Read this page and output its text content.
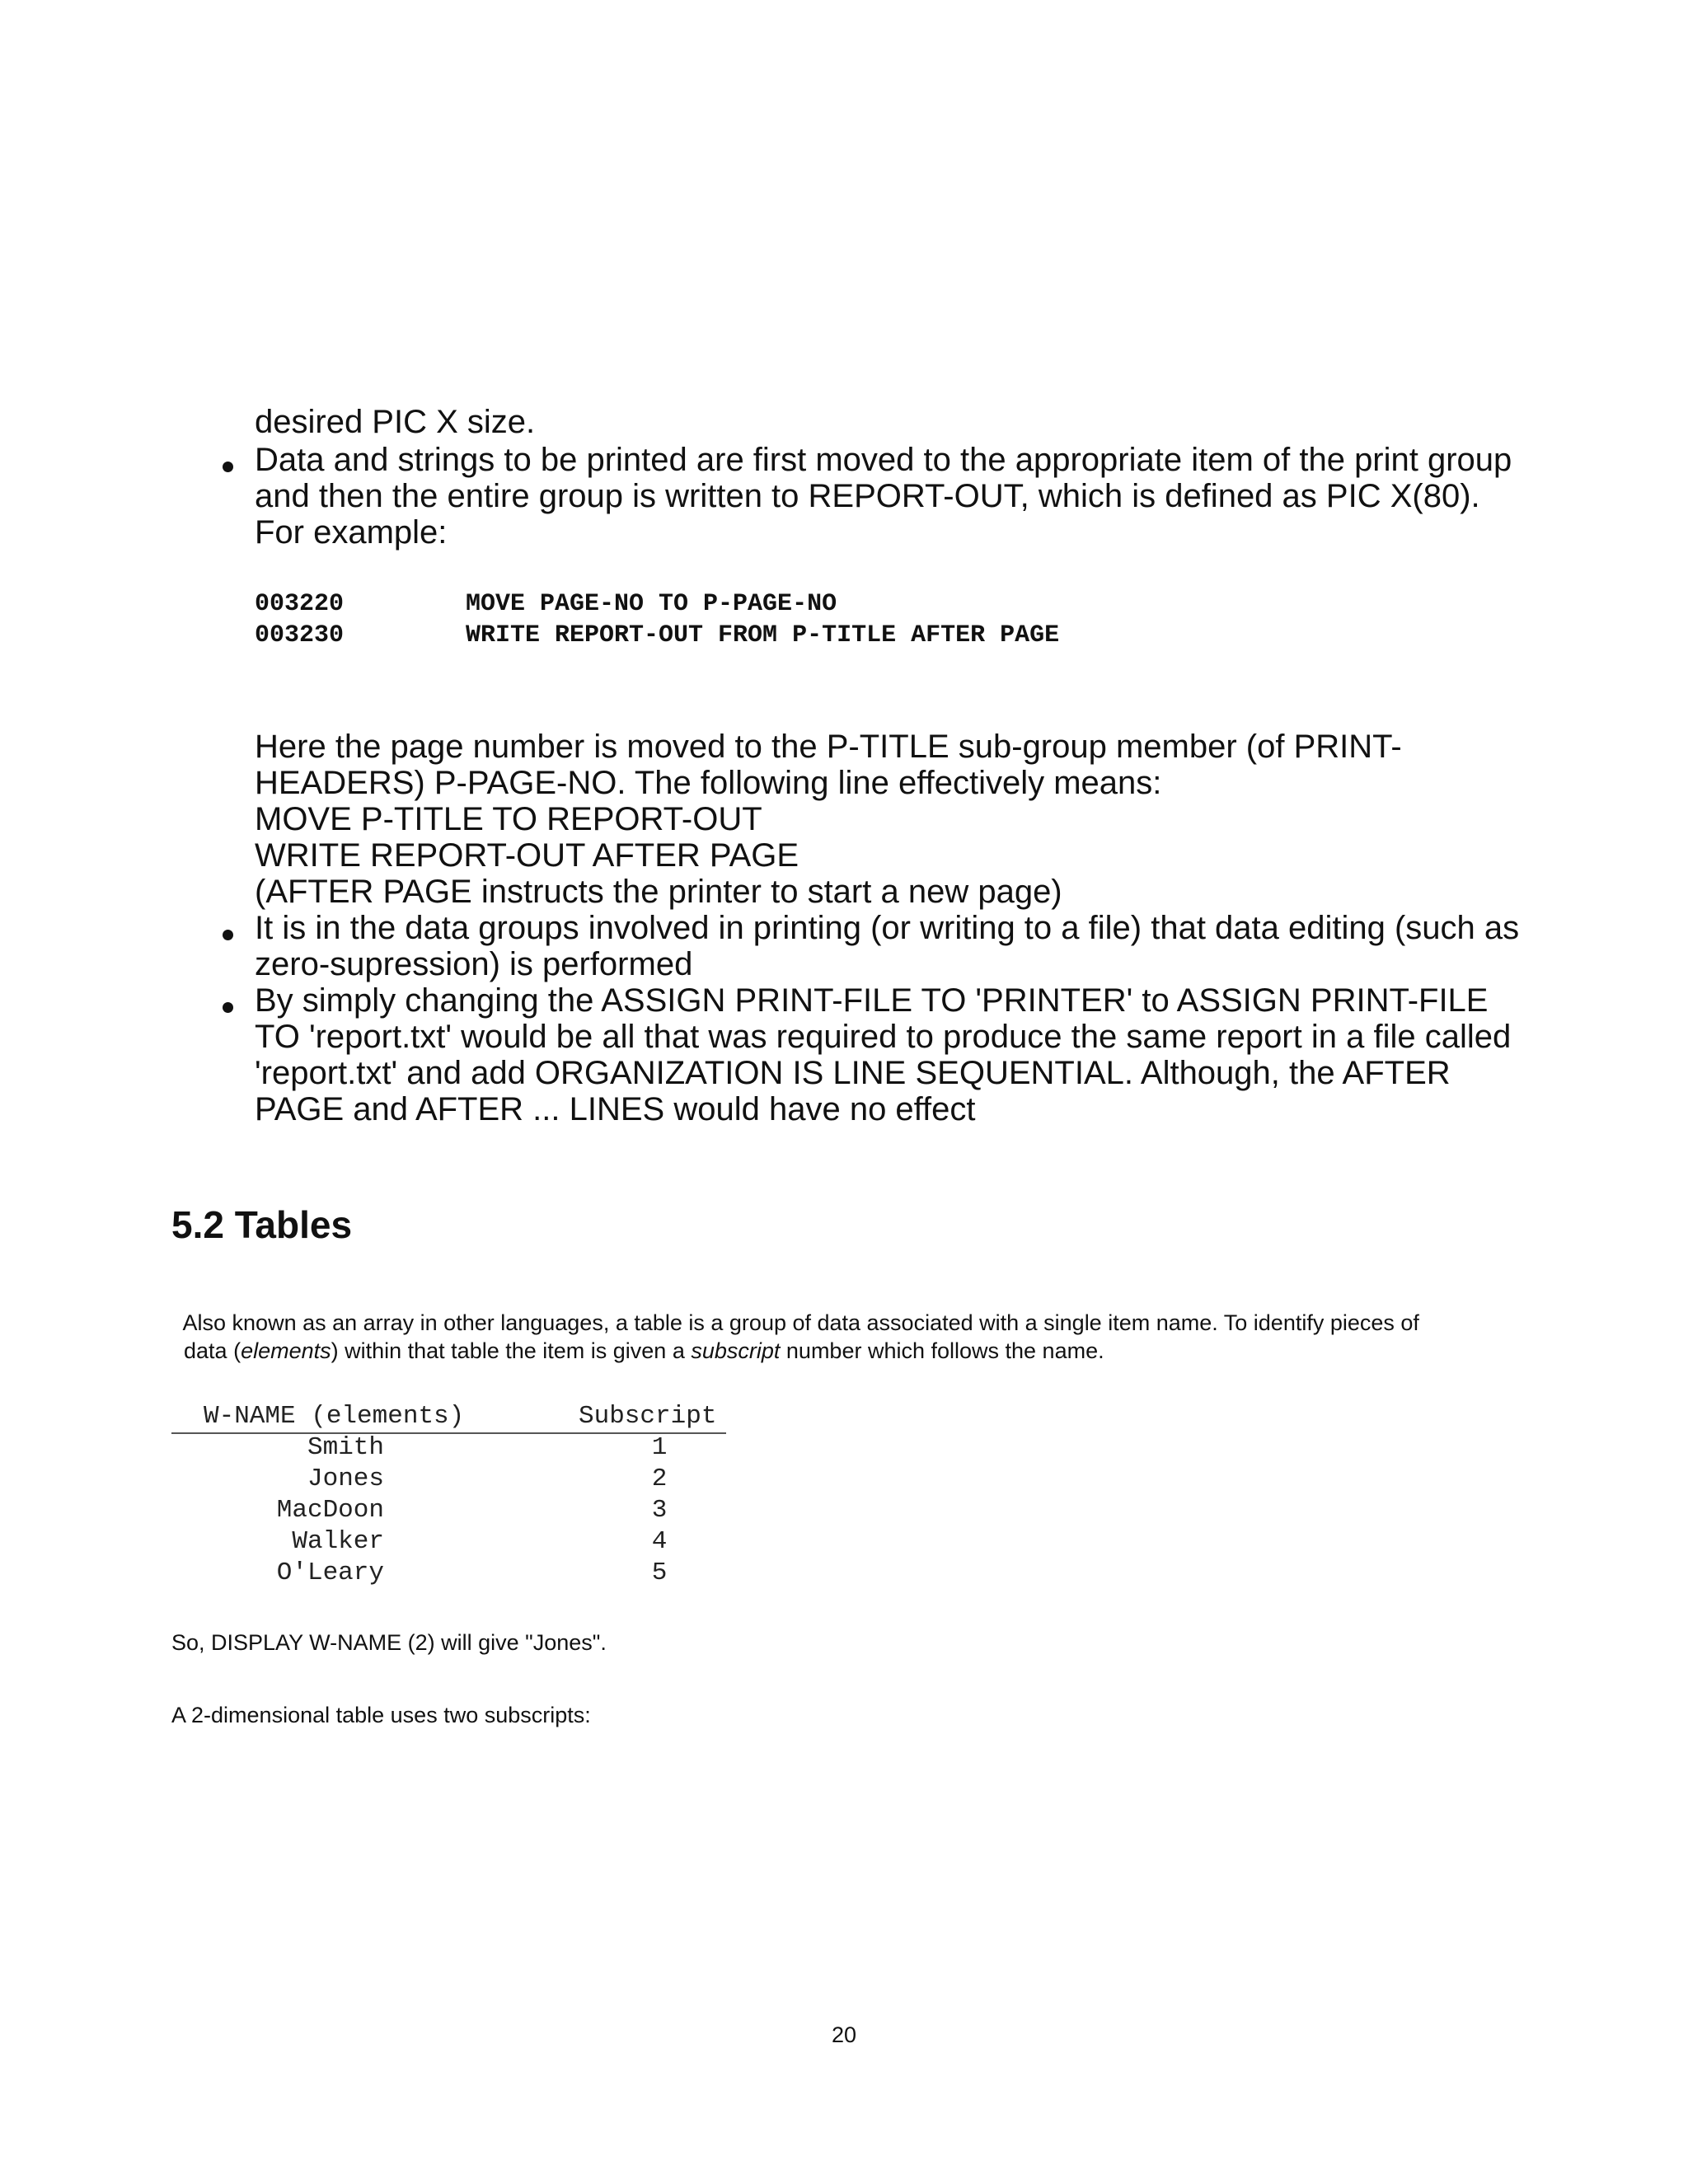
desired PIC X size.
Data and strings to be printed are first moved to the appropriate item of the print group
and then the entire group is written to REPORT-OUT, which is defined as PIC X(80).
For example:
003220	MOVE PAGE-NO TO P-PAGE-NO
003230	WRITE REPORT-OUT FROM P-TITLE AFTER PAGE
Here the page number is moved to the P-TITLE sub-group member (of PRINT-
HEADERS) P-PAGE-NO. The following line effectively means:
MOVE P-TITLE TO REPORT-OUT
WRITE REPORT-OUT AFTER PAGE
(AFTER PAGE instructs the printer to start a new page)
It is in the data groups involved in printing (or writing to a file) that data editing (such as
zero-supression) is performed
By simply changing the ASSIGN PRINT-FILE TO 'PRINTER' to ASSIGN PRINT-FILE
TO 'report.txt' would be all that was required to produce the same report in a file called
'report.txt' and add ORGANIZATION IS LINE SEQUENTIAL. Although, the AFTER
PAGE and AFTER ... LINES would have no effect
5.2 Tables

Also known as an array in other languages, a table is a group of data associated with a single item name. To identify pieces of

data (elements) within that table the item is given a subscript number which follows the name.

W-NAME (elements)	Subscript
Smith	1
Jones	2
MacDoon	3
Walker	4
O'Leary	5
So, DISPLAY W-NAME (2) will give "Jones".
A 2-dimensional table uses two subscripts:
20
